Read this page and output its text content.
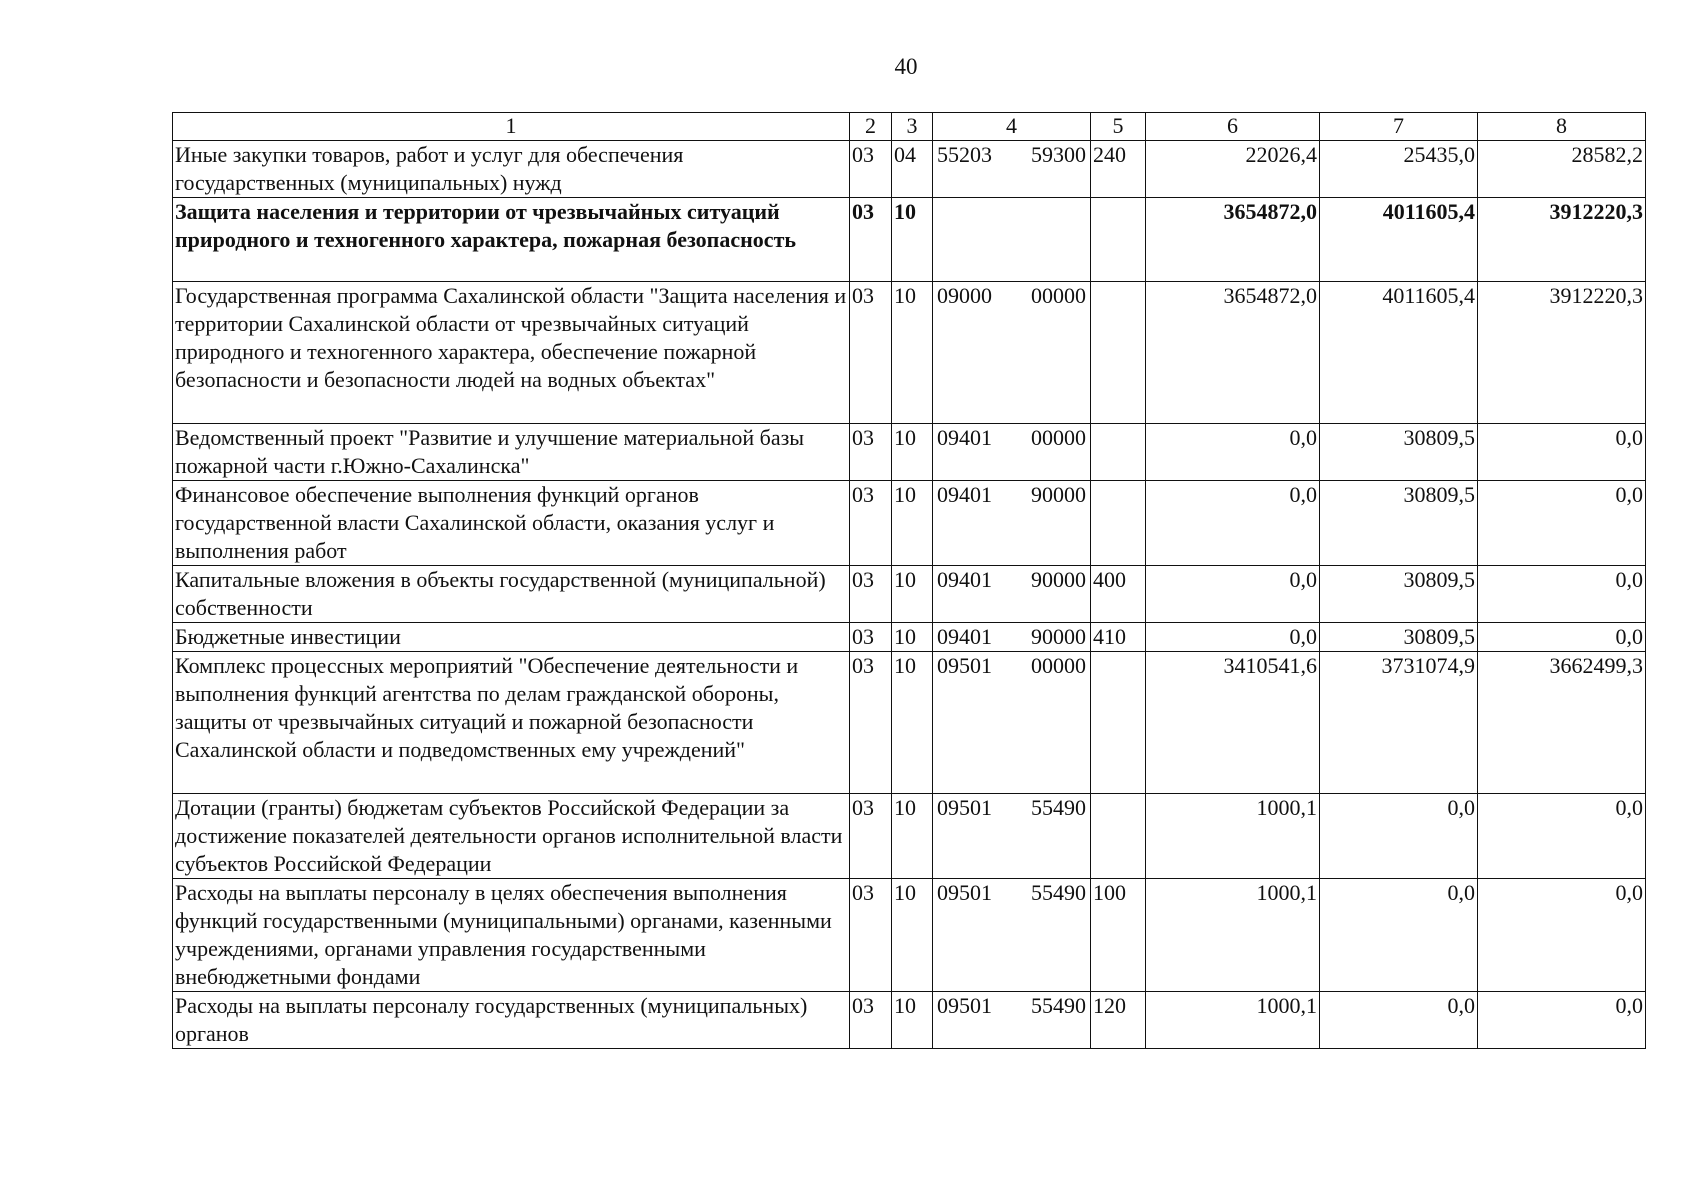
40
1	2	3	4	5	6	7	8
Иные закупки товаров, работ и услуг для обеспечения государственных (муниципальных) нужд	03	04	55203 59300	240	22026,4	25435,0	28582,2
Защита населения и территории от чрезвычайных ситуаций природного и техногенного характера, пожарная безопасность	03	10			3654872,0	4011605,4	3912220,3
Государственная программа Сахалинской области "Защита населения и территории Сахалинской области от чрезвычайных ситуаций природного и техногенного характера, обеспечение пожарной безопасности и безопасности людей на водных объектах"	03	10	09000 00000		3654872,0	4011605,4	3912220,3
Ведомственный проект "Развитие и улучшение материальной базы пожарной части г.Южно-Сахалинска"	03	10	09401 00000		0,0	30809,5	0,0
Финансовое обеспечение выполнения функций органов государственной власти Сахалинской области, оказания услуг и выполнения работ	03	10	09401 90000		0,0	30809,5	0,0
Капитальные вложения в объекты государственной (муниципальной) собственности	03	10	09401 90000	400	0,0	30809,5	0,0
Бюджетные инвестиции	03	10	09401 90000	410	0,0	30809,5	0,0
Комплекс процессных мероприятий "Обеспечение деятельности и выполнения функций агентства по делам гражданской обороны, защиты от чрезвычайных ситуаций и пожарной безопасности Сахалинской области и подведомственных ему учреждений"	03	10	09501 00000		3410541,6	3731074,9	3662499,3
Дотации (гранты) бюджетам субъектов Российской Федерации за достижение показателей деятельности органов исполнительной власти субъектов Российской Федерации	03	10	09501 55490		1000,1	0,0	0,0
Расходы на выплаты персоналу в целях обеспечения выполнения функций государственными (муниципальными) органами, казенными учреждениями, органами управления государственными внебюджетными фондами	03	10	09501 55490	100	1000,1	0,0	0,0
Расходы на выплаты персоналу государственных (муниципальных) органов	03	10	09501 55490	120	1000,1	0,0	0,0
